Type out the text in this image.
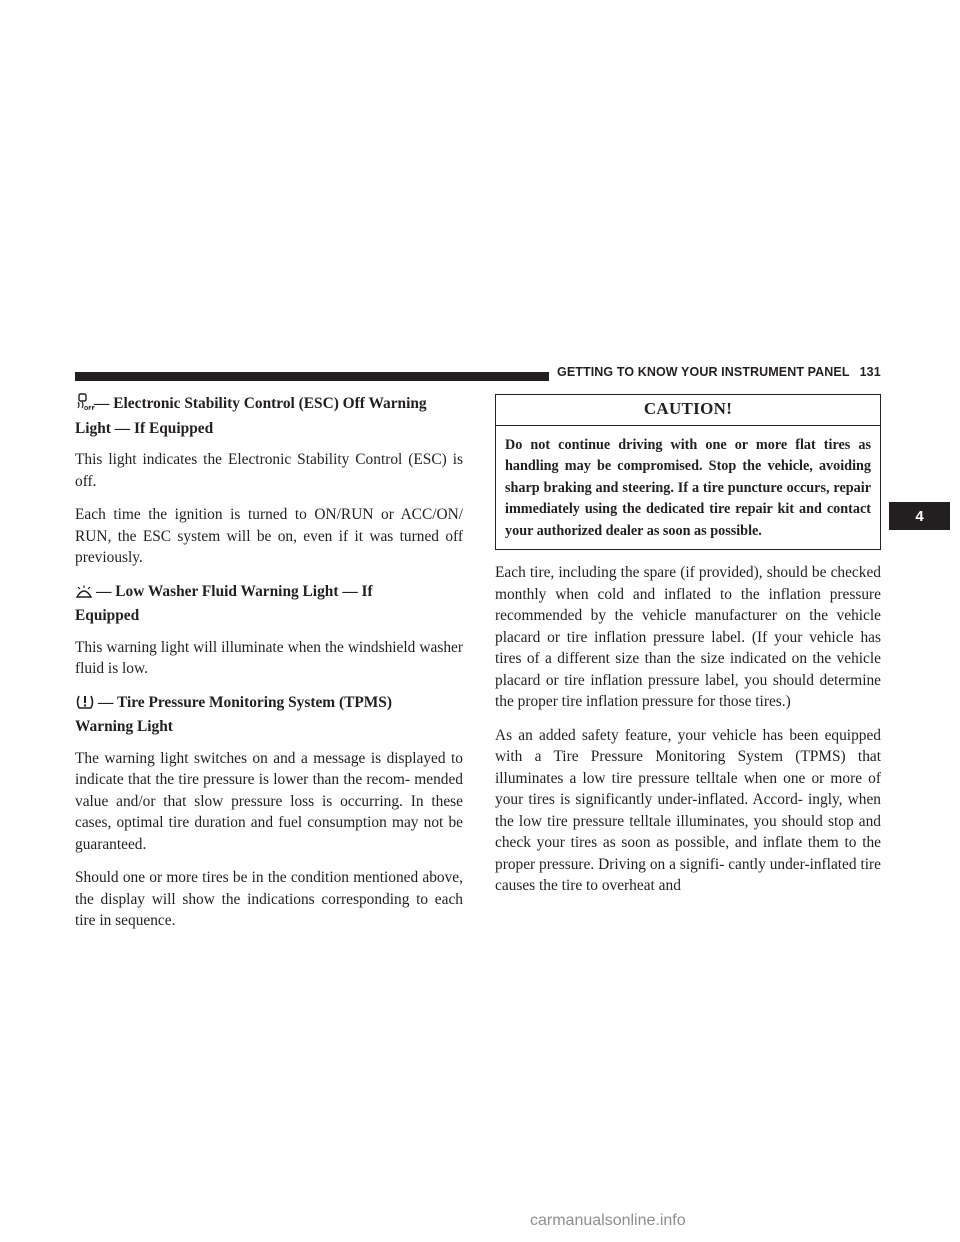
GETTING TO KNOW YOUR INSTRUMENT PANEL 131
4
OFF
— Electronic Stability Control (ESC) Off Warning
Light — If Equipped

This light indicates the Electronic Stability Control (ESC) is off.

Each time the ignition is turned to ON/RUN or ACC/ON/ RUN, the ESC system will be on, even if it was turned off previously.

— Low Washer Fluid Warning Light — If
Equipped

This warning light will illuminate when the windshield washer fluid is low.

— Tire Pressure Monitoring System (TPMS)
Warning Light

The warning light switches on and a message is displayed to indicate that the tire pressure is lower than the recom- mended value and/or that slow pressure loss is occurring. In these cases, optimal tire duration and fuel consumption may not be guaranteed.

Should one or more tires be in the condition mentioned above, the display will show the indications corresponding to each tire in sequence.

CAUTION!
Do not continue driving with one or more flat tires as handling may be compromised. Stop the vehicle, avoiding sharp braking and steering. If a tire puncture occurs, repair immediately using the dedicated tire repair kit and contact your authorized dealer as soon as possible.

Each tire, including the spare (if provided), should be checked monthly when cold and inflated to the inflation pressure recommended by the vehicle manufacturer on the vehicle placard or tire inflation pressure label. (If your vehicle has tires of a different size than the size indicated on the vehicle placard or tire inflation pressure label, you should determine the proper tire inflation pressure for those tires.)

As an added safety feature, your vehicle has been equipped with a Tire Pressure Monitoring System (TPMS) that illuminates a low tire pressure telltale when one or more of your tires is significantly under-inflated. Accord- ingly, when the low tire pressure telltale illuminates, you should stop and check your tires as soon as possible, and inflate them to the proper pressure. Driving on a signifi- cantly under-inflated tire causes the tire to overheat and

carmanualsonline.info
